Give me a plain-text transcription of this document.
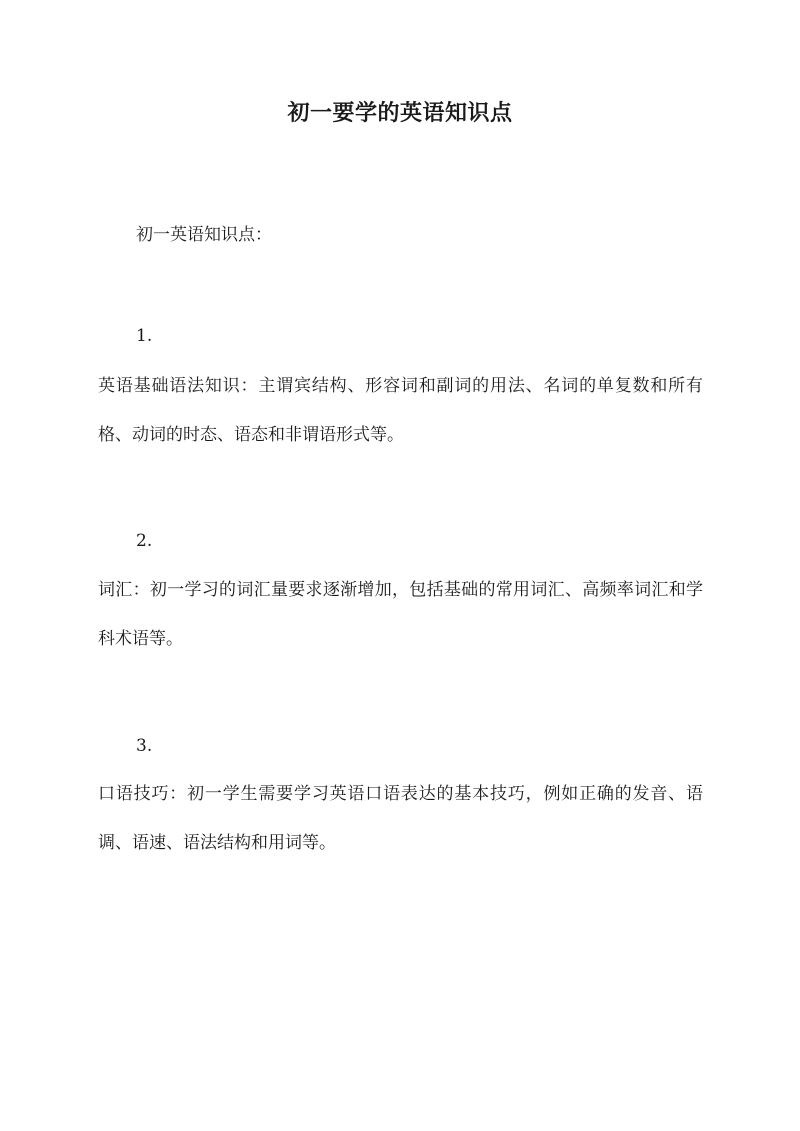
初一要学的英语知识点
初一英语知识点：
1.
英语基础语法知识：主谓宾结构、形容词和副词的用法、名词的单复数和所有格、动词的时态、语态和非谓语形式等。
2.
词汇：初一学习的词汇量要求逐渐增加，包括基础的常用词汇、高频率词汇和学科术语等。
3.
口语技巧：初一学生需要学习英语口语表达的基本技巧，例如正确的发音、语调、语速、语法结构和用词等。
